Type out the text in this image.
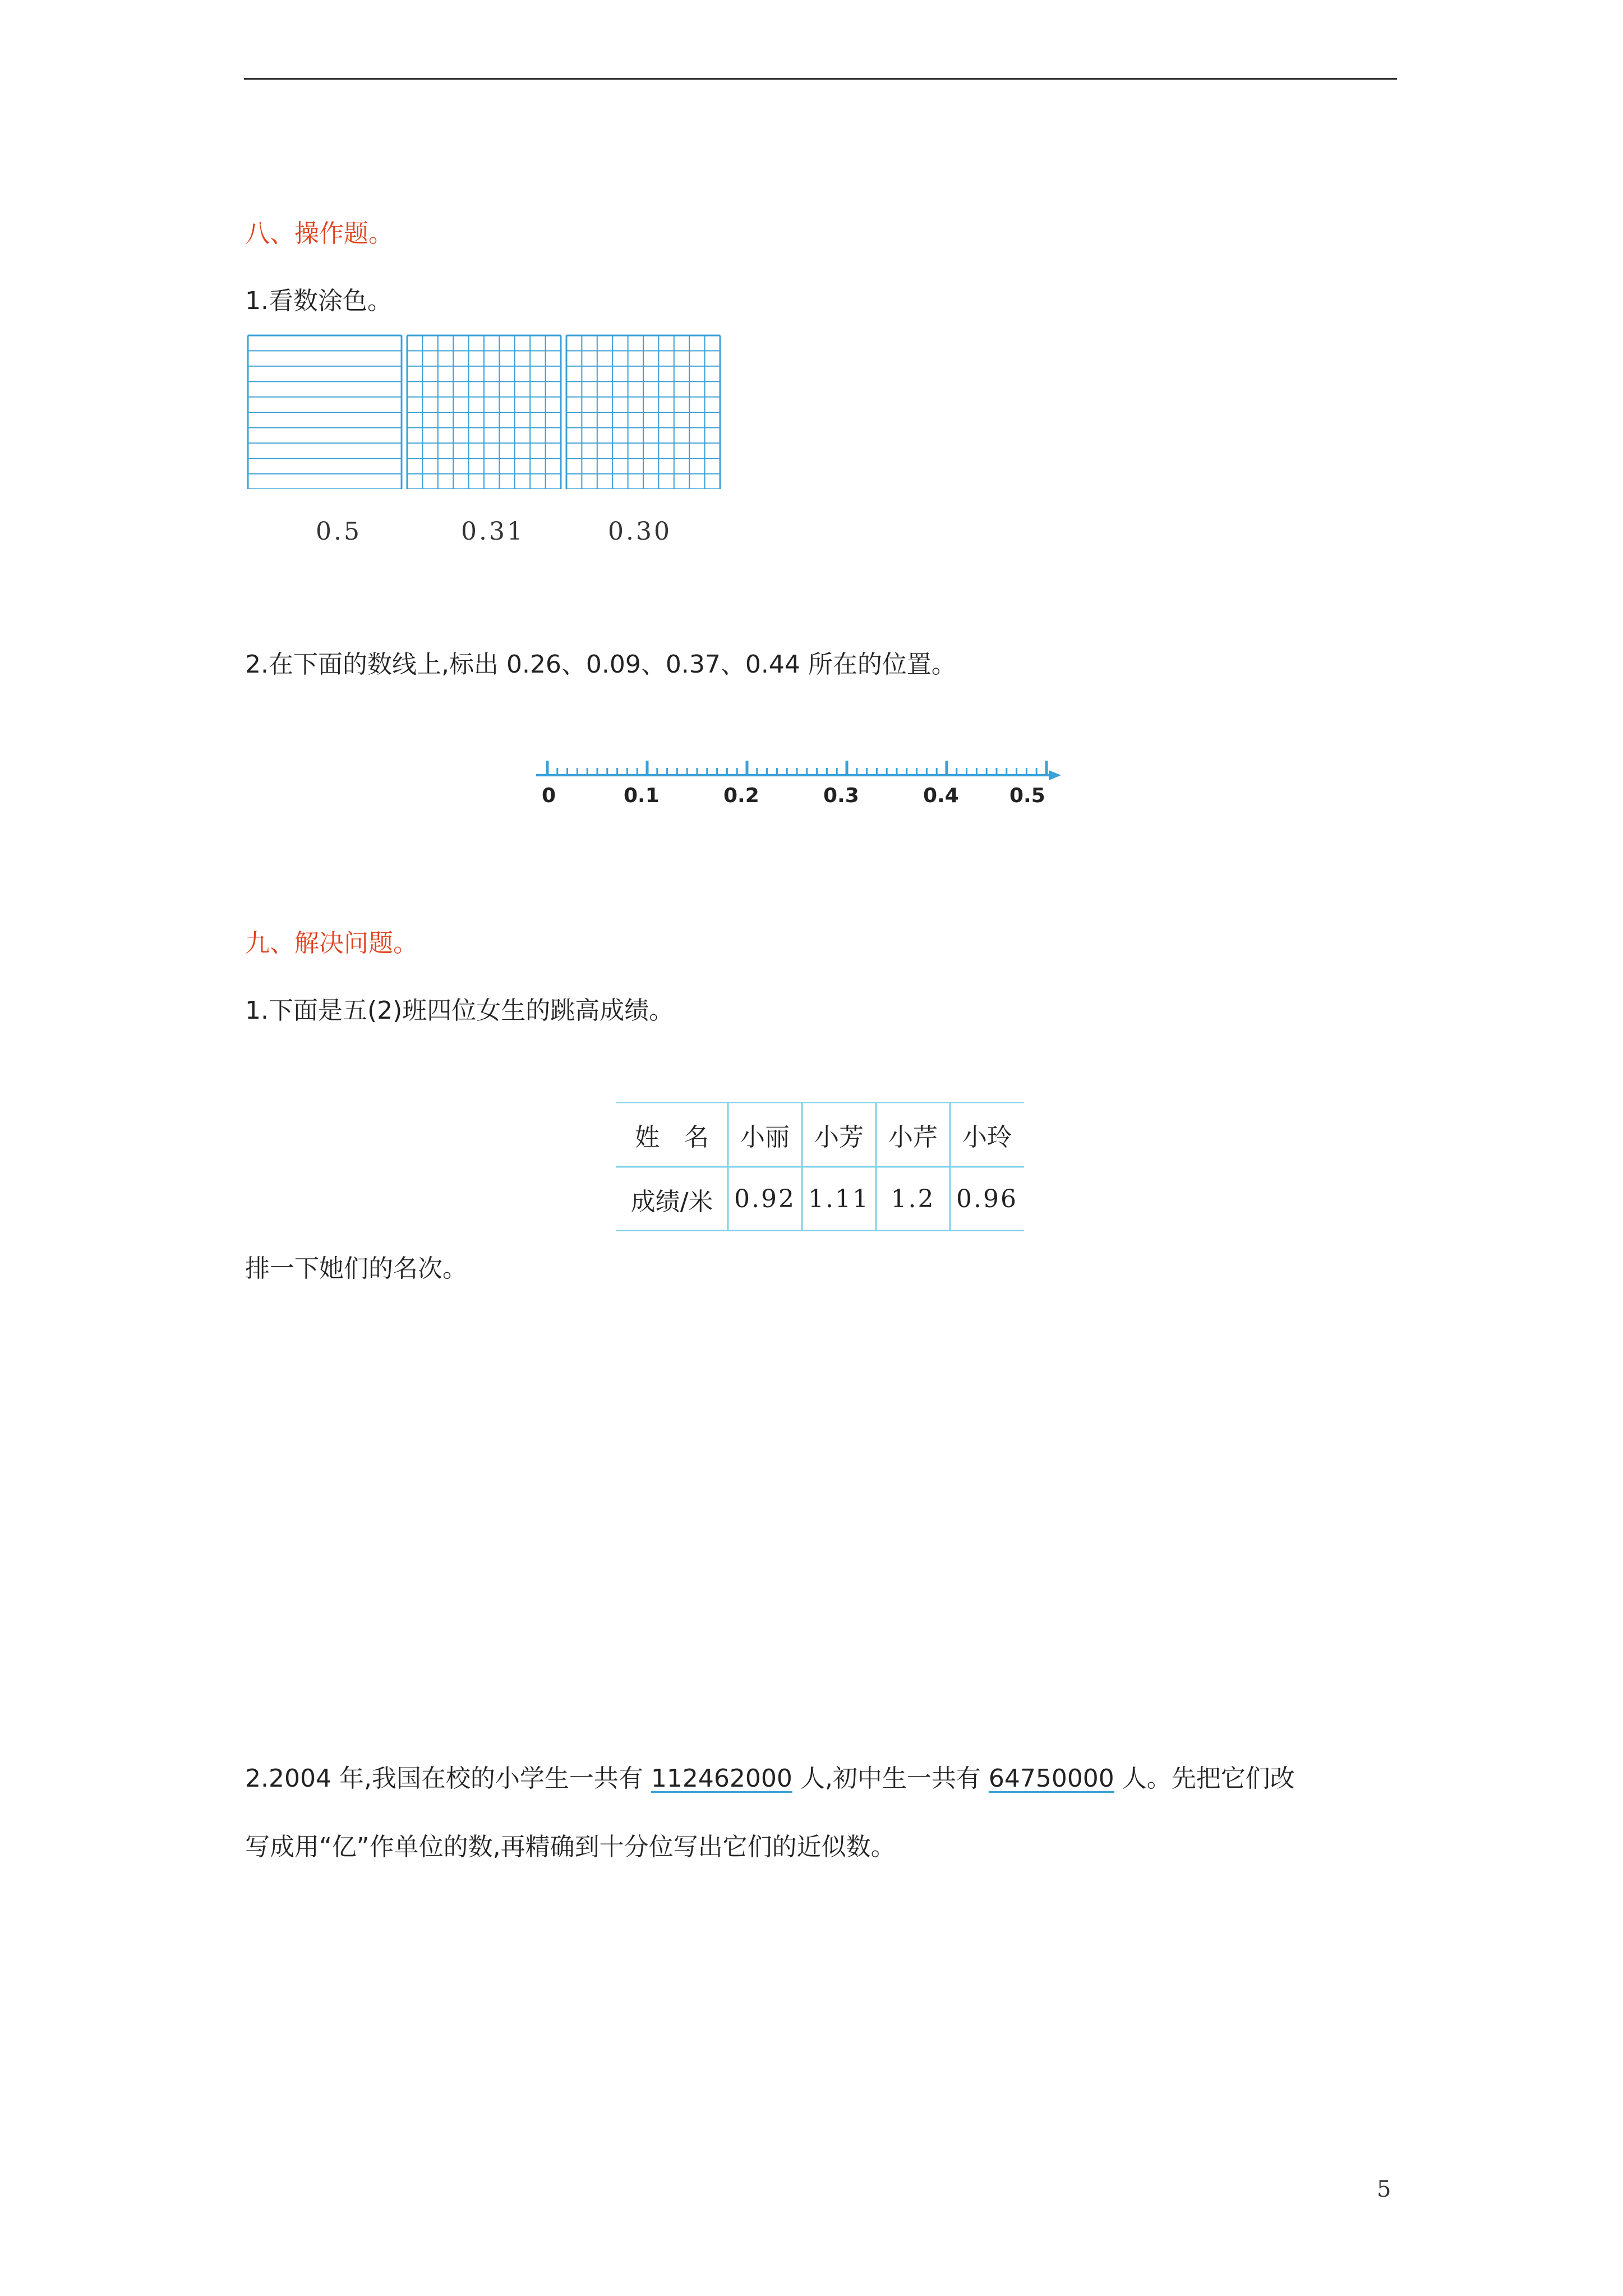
八、操作题。
1.看数涂色。
0.5	0.31	0.30
2.在下面的数线上,标出 0.26、0.09、0.37、0.44 所在的位置。
0	0.1	0.2	0.3	0.4	0.5
九、解决问题。
1.下面是五(2)班四位女生的跳高成绩。
姓　名	小丽	小芳	小芹	小玲
成绩/米 0.92 1.11 1.2 0.96
排一下她们的名次。
2.2004 年,我国在校的小学生一共有 112462000 人,初中生一共有 64750000 人。先把它们改
写成用“亿”作单位的数,再精确到十分位写出它们的近似数。
5
